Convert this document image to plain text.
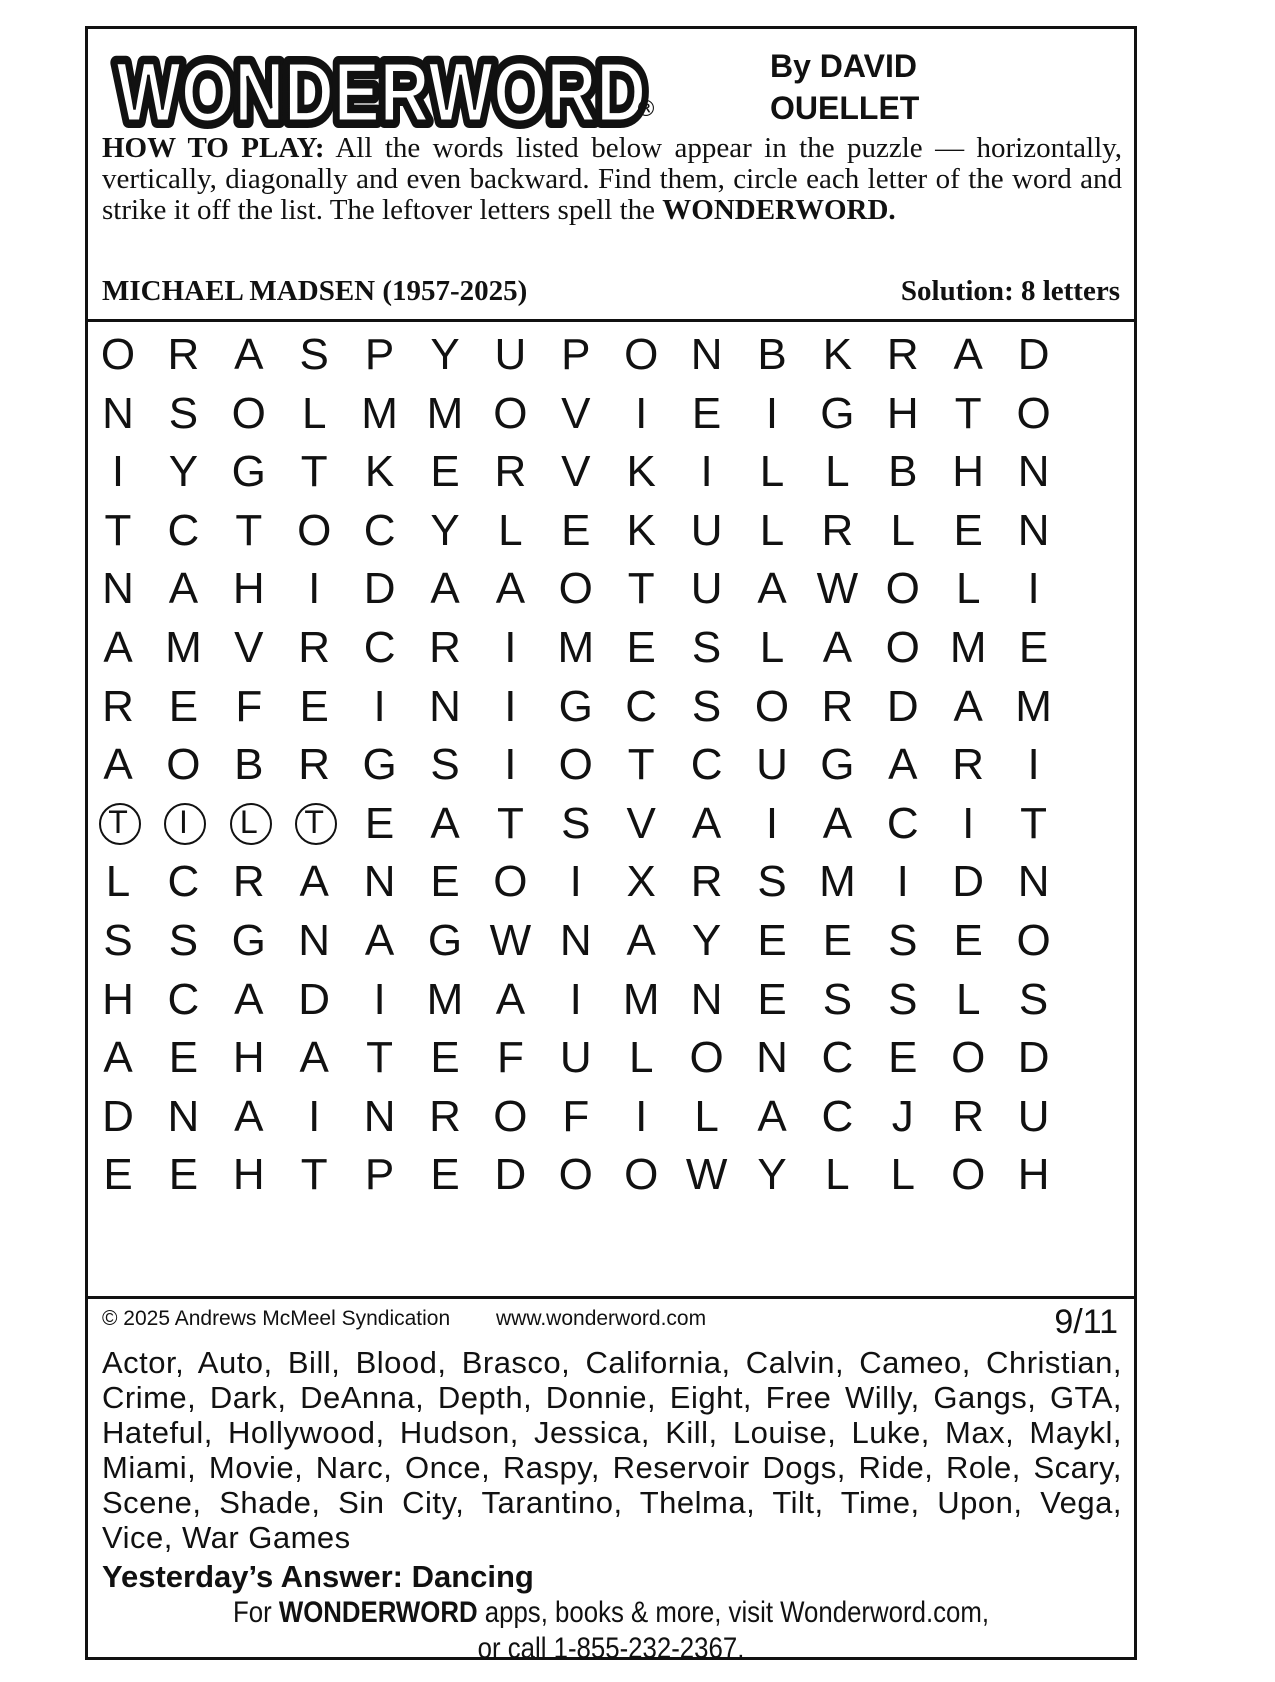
WONDERWORD
WONDERWORD
®
By DAVID
OUELLET
HOW TO PLAY: All the words listed below appear in the puzzle — horizontally, vertically, diagonally and even backward. Find them, circle each letter of the word and strike it off the list. The leftover letters spell the WONDERWORD.
MICHAEL MADSEN (1957-2025)	Solution: 8 letters
O R A S P Y U P O N B K R A D
N S O L M M O V	I	E	I G H T O
I	Y G T K E R V K	I	L L B H N
T C T O C Y L E K U L R L E N
N A H I D A A O T U A W O L	I
A M V R C R I M E S L A O M E
R E F E	I N I G C S O R D A M
A O B R G S	I O T C U G A R I
T	I	L	T E A T S V A	I	A C I	T
L C R A N E O I	X R S M I D N
S S G N A G W N A Y E E S E O
H C A D I M A	I M N E S S L S
A E H A T E F U L O N C E O D
D N A	I N R O F	I	L A C J R U
E E H T P E D O O W Y L L O H
© 2025 Andrews McMeel Syndication www.wonderword.com	9/11
Actor, Auto, Bill, Blood, Brasco, California, Calvin, Cameo, Christian, Crime, Dark, DeAnna, Depth, Donnie, Eight, Free Willy, Gangs, GTA, Hateful, Hollywood, Hudson, Jessica, Kill, Louise, Luke, Max, Maykl, Miami, Movie, Narc, Once, Raspy, Reservoir Dogs, Ride, Role, Scary, Scene, Shade, Sin City, Tarantino, Thelma, Tilt, Time, Upon, Vega, Vice, War Games
Yesterday’s Answer: Dancing
For WONDERWORD apps, books & more, visit Wonderword.com,
or call 1-855-232-2367.
